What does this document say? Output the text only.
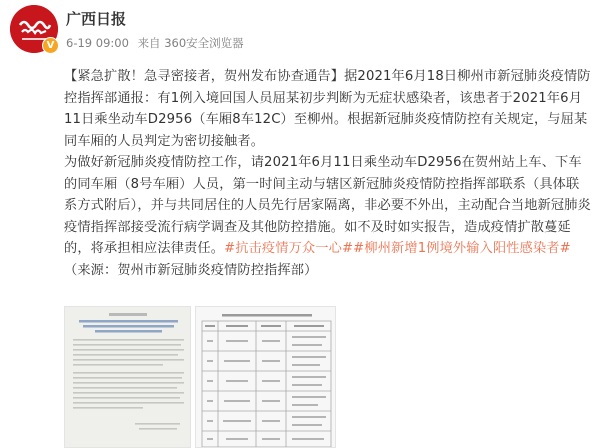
V
广西日报
6-19 09:00 来自 360安全浏览器

【紧急扩散！急寻密接者，贺州发布协查通告】据2021年6月18日柳州市新冠肺炎疫情防控指挥部通报：有1例入境回国人员屈某初步判断为无症状感染者，该患者于2021年6月11日乘坐动车D2956（车厢8车12C）至柳州。根据新冠肺炎疫情防控有关规定，与屈某同车厢的人员判定为密切接触者。

为做好新冠肺炎疫情防控工作，请2021年6月11日乘坐动车D2956在贺州站上车、下车的同车厢（8号车厢）人员，第一时间主动与辖区新冠肺炎疫情防控指挥部联系（具体联系方式附后），并与共同居住的人员先行居家隔离，非必要不外出，主动配合当地新冠肺炎疫情指挥部接受流行病学调查及其他防控措施。如不及时如实报告，造成疫情扩散蔓延的，将承担相应法律责任。#抗击疫情万众一心##柳州新增1例境外输入阳性感染者#（来源：贺州市新冠肺炎疫情防控指挥部）
